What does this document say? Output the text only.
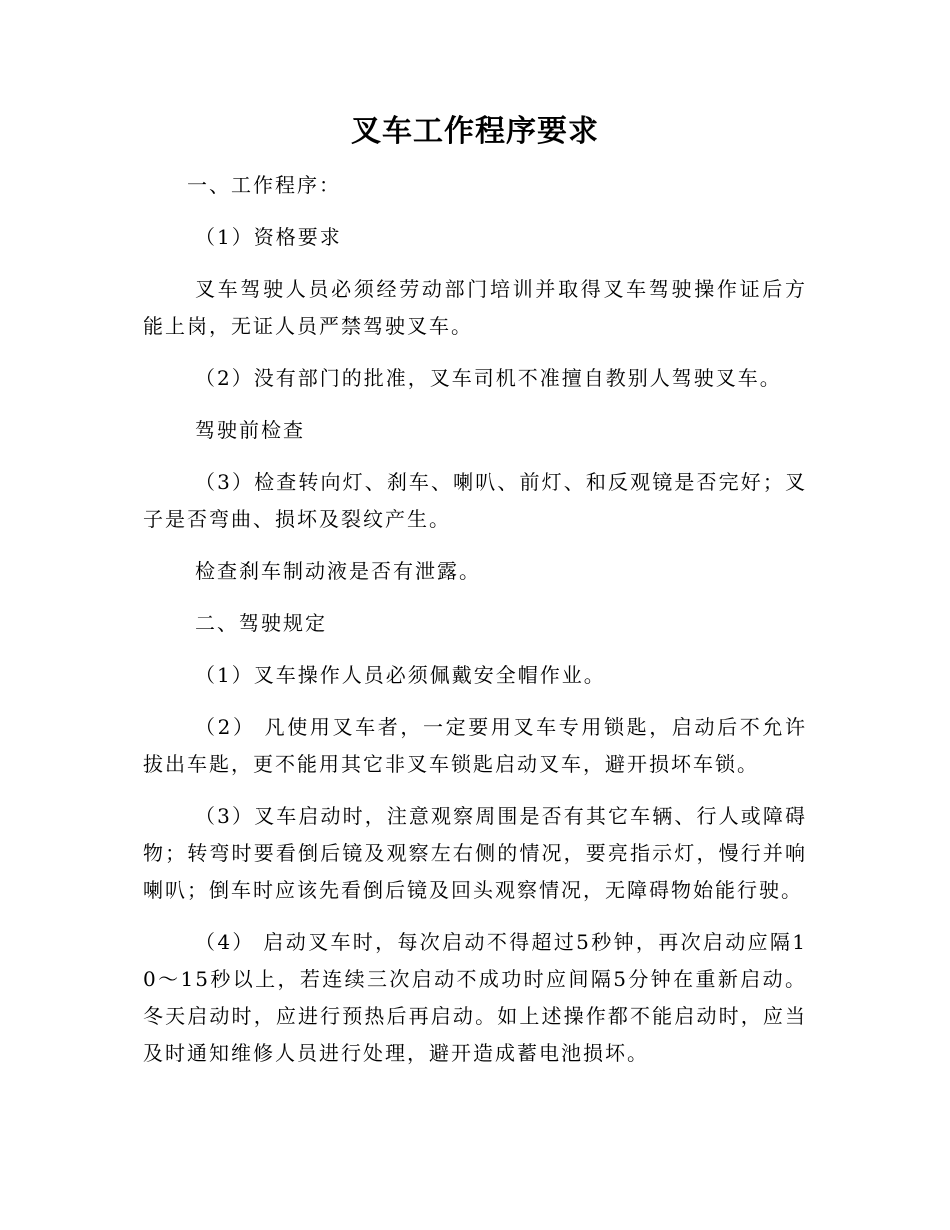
叉车工作程序要求

一、工作程序：

（1）资格要求

叉车驾驶人员必须经劳动部门培训并取得叉车驾驶操作证后方能上岗，无证人员严禁驾驶叉车。

（2）没有部门的批准，叉车司机不准擅自教别人驾驶叉车。

驾驶前检查

（3）检查转向灯、刹车、喇叭、前灯、和反观镜是否完好；叉子是否弯曲、损坏及裂纹产生。

检查刹车制动液是否有泄露。

二、驾驶规定

（1）叉车操作人员必须佩戴安全帽作业。

（2） 凡使用叉车者，一定要用叉车专用锁匙，启动后不允许拔出车匙，更不能用其它非叉车锁匙启动叉车，避开损坏车锁。

（3）叉车启动时，注意观察周围是否有其它车辆、行人或障碍物；转弯时要看倒后镜及观察左右侧的情况，要亮指示灯，慢行并响喇叭；倒车时应该先看倒后镜及回头观察情况，无障碍物始能行驶。

（4） 启动叉车时，每次启动不得超过5秒钟，再次启动应隔10～15秒以上，若连续三次启动不成功时应间隔5分钟在重新启动。冬天启动时，应进行预热后再启动。如上述操作都不能启动时，应当及时通知维修人员进行处理，避开造成蓄电池损坏。
